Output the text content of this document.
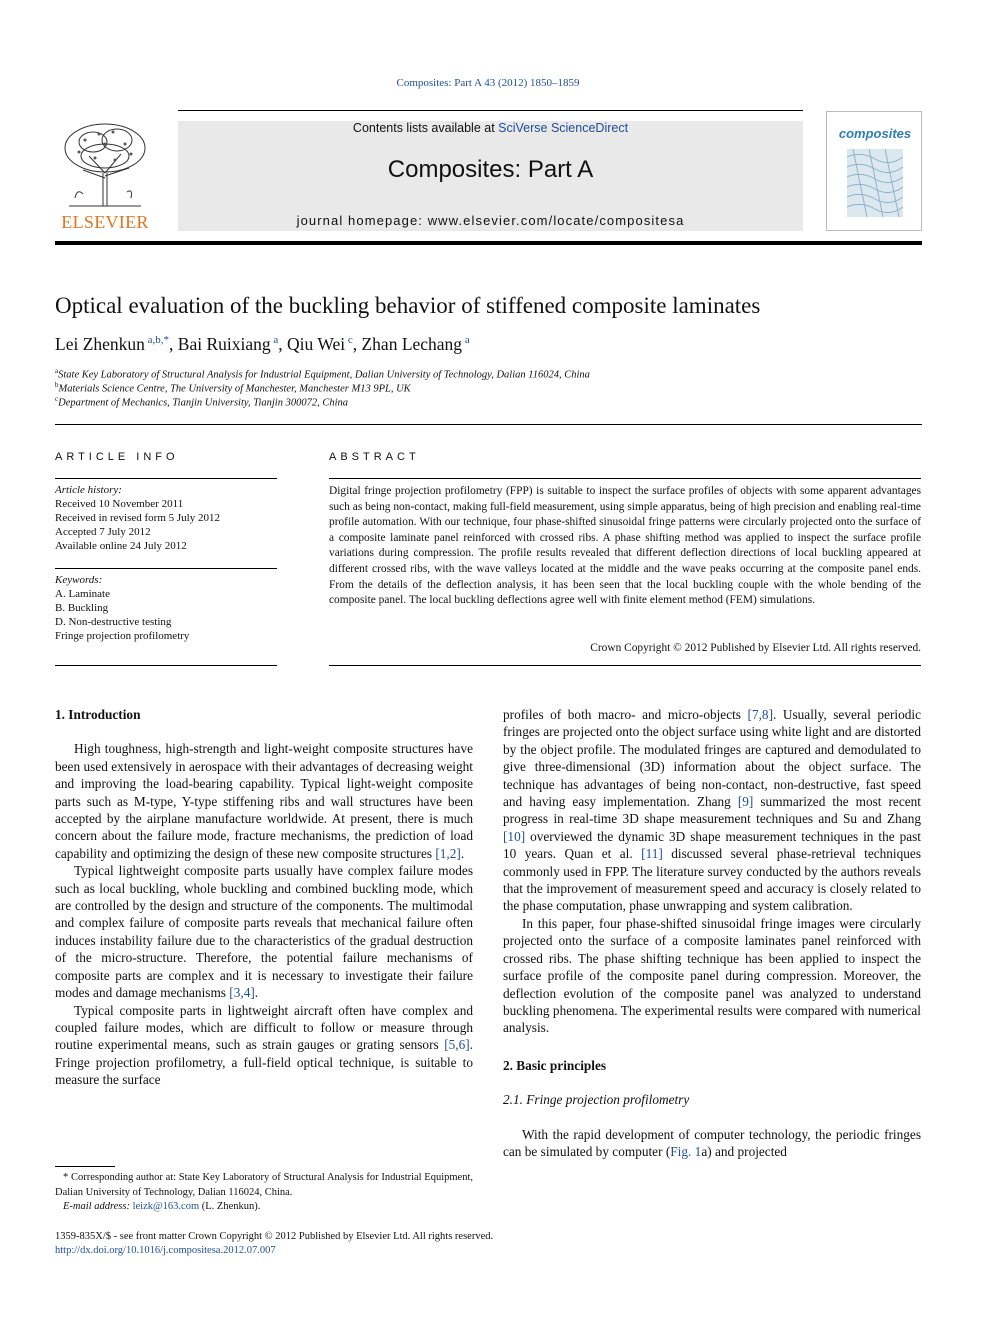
Composites: Part A 43 (2012) 1850–1859
ELSEVIER
Contents lists available at SciVerse ScienceDirect
Composites: Part A
journal homepage: www.elsevier.com/locate/compositesa
composites
Optical evaluation of the buckling behavior of stiffened composite laminates
Lei Zhenkun $^{a,b,*}$, Bai Ruixiang $^a$, Qiu Wei $^c$, Zhan Lechang $^a$
$^a$State Key Laboratory of Structural Analysis for Industrial Equipment, Dalian University of Technology, Dalian 116024, China
$^b$Materials Science Centre, The University of Manchester, Manchester M13 9PL, UK
$^c$Department of Mechanics, Tianjin University, Tianjin 300072, China
ARTICLE INFO
Article history:
Received 10 November 2011
Received in revised form 5 July 2012
Accepted 7 July 2012
Available online 24 July 2012
Keywords:
A. Laminate
B. Buckling
D. Non-destructive testing
Fringe projection profilometry
ABSTRACT
Digital fringe projection profilometry (FPP) is suitable to inspect the surface profiles of objects with some apparent advantages such as being non-contact, making full-field measurement, using simple apparatus, being of high precision and enabling real-time profile automation. With our technique, four phase-shifted sinusoidal fringe patterns were circularly projected onto the surface of a composite laminate panel reinforced with crossed ribs. A phase shifting method was applied to inspect the surface profile variations during compression. The profile results revealed that different deflection directions of local buckling appeared at different crossed ribs, with the wave valleys located at the middle and the wave peaks occurring at the composite panel ends. From the details of the deflection analysis, it has been seen that the local buckling couple with the whole bending of the composite panel. The local buckling deflections agree well with finite element method (FEM) simulations.
Crown Copyright © 2012 Published by Elsevier Ltd. All rights reserved.
1. Introduction

High toughness, high-strength and light-weight composite structures have been used extensively in aerospace with their advantages of decreasing weight and improving the load-bearing capability. Typical light-weight composite parts such as M-type, Y-type stiffening ribs and wall structures have been accepted by the airplane manufacture worldwide. At present, there is much concern about the failure mode, fracture mechanisms, the prediction of load capability and optimizing the design of these new composite structures [1,2].

Typical lightweight composite parts usually have complex failure modes such as local buckling, whole buckling and combined buckling mode, which are controlled by the design and structure of the components. The multimodal and complex failure of composite parts reveals that mechanical failure often induces instability failure due to the characteristics of the gradual destruction of the micro-structure. Therefore, the potential failure mechanisms of composite parts are complex and it is necessary to investigate their failure modes and damage mechanisms [3,4].

Typical composite parts in lightweight aircraft often have complex and coupled failure modes, which are difficult to follow or measure through routine experimental means, such as strain gauges or grating sensors [5,6]. Fringe projection profilometry, a full-field optical technique, is suitable to measure the surface

profiles of both macro- and micro-objects [7,8]. Usually, several periodic fringes are projected onto the object surface using white light and are distorted by the object profile. The modulated fringes are captured and demodulated to give three-dimensional (3D) information about the object surface. The technique has advantages of being non-contact, non-destructive, fast speed and having easy implementation. Zhang [9] summarized the most recent progress in real-time 3D shape measurement techniques and Su and Zhang [10] overviewed the dynamic 3D shape measurement techniques in the past 10 years. Quan et al. [11] discussed several phase-retrieval techniques commonly used in FPP. The literature survey conducted by the authors reveals that the improvement of measurement speed and accuracy is closely related to the phase computation, phase unwrapping and system calibration.

In this paper, four phase-shifted sinusoidal fringe images were circularly projected onto the surface of a composite laminates panel reinforced with crossed ribs. The phase shifting technique has been applied to inspect the surface profile of the composite panel during compression. Moreover, the deflection evolution of the composite panel was analyzed to understand buckling phenomena. The experimental results were compared with numerical analysis.

2. Basic principles
2.1. Fringe projection profilometry

With the rapid development of computer technology, the periodic fringes can be simulated by computer (Fig. 1a) and projected

* Corresponding author at: State Key Laboratory of Structural Analysis for Industrial Equipment, Dalian University of Technology, Dalian 116024, China.
E-mail address: leizk@163.com (L. Zhenkun).
1359-835X/$ - see front matter Crown Copyright © 2012 Published by Elsevier Ltd. All rights reserved.
http://dx.doi.org/10.1016/j.compositesa.2012.07.007
